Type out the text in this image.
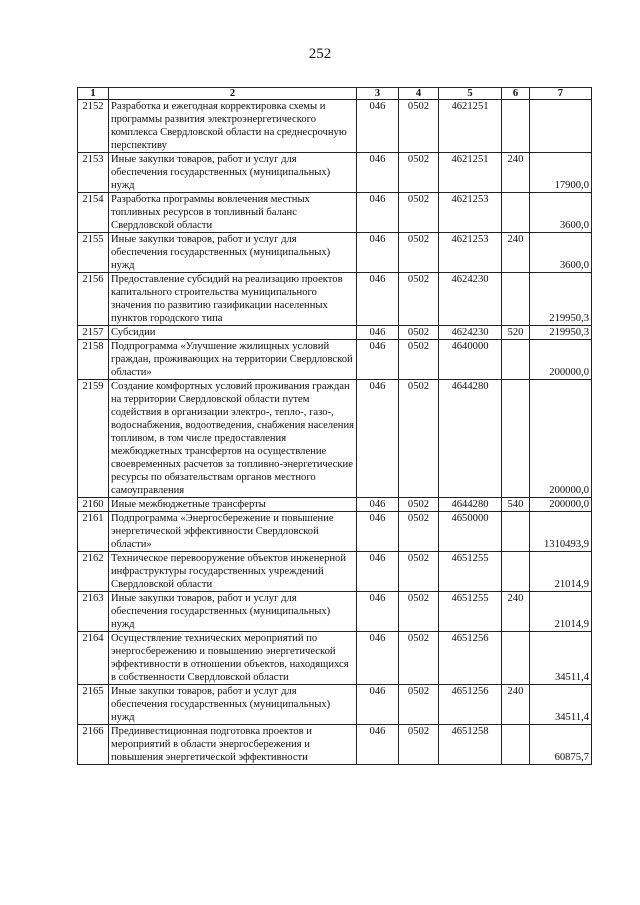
252
1	2	3	4	5	6	7
2152	Разработка и ежегодная корректировка схемы и программы развития электроэнергетического комплекса Свердловской области на среднесрочную перспективу	046	0502	4621251		
2153	Иные закупки товаров, работ и услуг для обеспечения государственных (муниципальных) нужд	046	0502	4621251	240	17900,0
2154	Разработка программы вовлечения местных топливных ресурсов в топливный баланс Свердловской области	046	0502	4621253		3600,0
2155	Иные закупки товаров, работ и услуг для обеспечения государственных (муниципальных) нужд	046	0502	4621253	240	3600,0
2156	Предоставление субсидий на реализацию проектов капитального строительства муниципального значения по развитию газификации населенных пунктов городского типа	046	0502	4624230		219950,3
2157	Субсидии	046	0502	4624230	520	219950,3
2158	Подпрограмма «Улучшение жилищных условий граждан, проживающих на территории Свердловской области»	046	0502	4640000		200000,0
2159	Создание комфортных условий проживания граждан на территории Свердловской области путем содействия в организации электро-, тепло-, газо-, водоснабжения, водоотведения, снабжения населения топливом, в том числе предоставления межбюджетных трансфертов на осуществление своевременных расчетов за топливно-энергетические ресурсы по обязательствам органов местного самоуправления	046	0502	4644280		200000,0
2160	Иные межбюджетные трансферты	046	0502	4644280	540	200000,0
2161	Подпрограмма «Энергосбережение и повышение энергетической эффективности Свердловской области»	046	0502	4650000		1310493,9
2162	Техническое перевооружение объектов инженерной инфраструктуры государственных учреждений Свердловской области	046	0502	4651255		21014,9
2163	Иные закупки товаров, работ и услуг для обеспечения государственных (муниципальных) нужд	046	0502	4651255	240	21014,9
2164	Осуществление технических мероприятий по энергосбережению и повышению энергетической эффективности в отношении объектов, находящихся в собственности Свердловской области	046	0502	4651256		34511,4
2165	Иные закупки товаров, работ и услуг для обеспечения государственных (муниципальных) нужд	046	0502	4651256	240	34511,4
2166	Прединвестиционная подготовка проектов и мероприятий в области энергосбережения и повышения энергетической эффективности	046	0502	4651258		60875,7
